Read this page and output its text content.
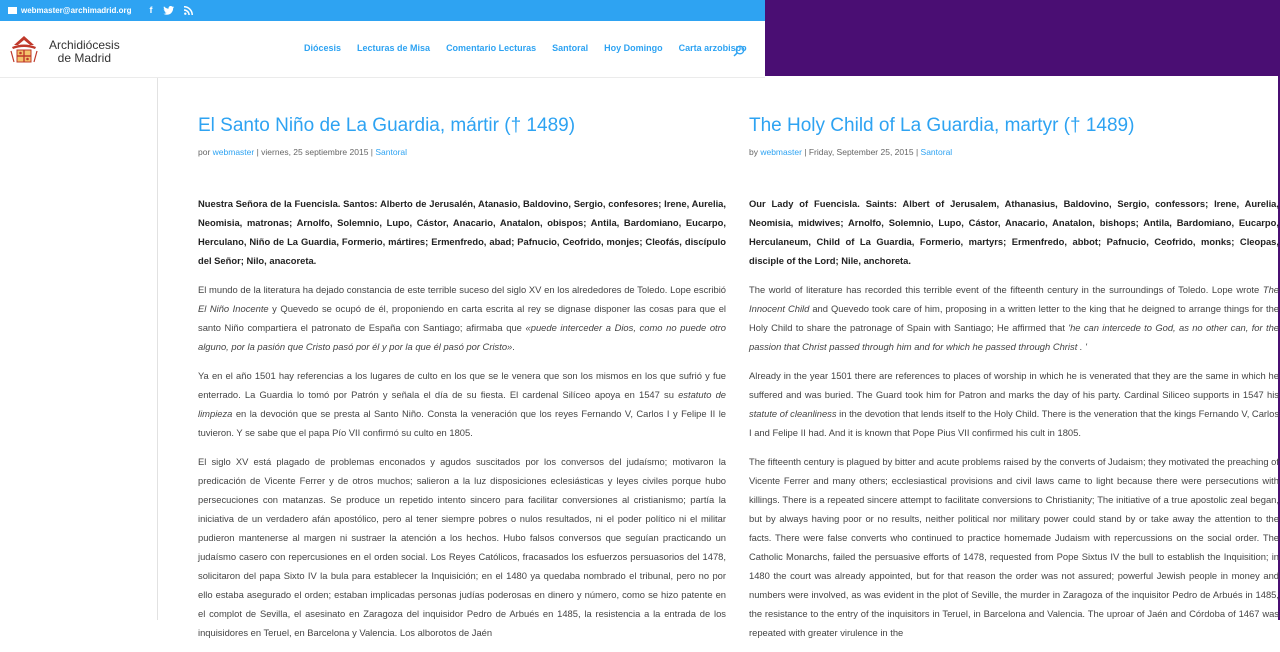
webmaster@archimadrid.org f
Archidiócesis
de Madrid
Diócesis Lecturas de Misa Comentario Lecturas Santoral Hoy Domingo Carta arzobispo
El Santo Niño de La Guardia, mártir († 1489)
por webmaster | viernes, 25 septiembre 2015 | Santoral

Nuestra Señora de la Fuencisla. Santos: Alberto de Jerusalén, Atanasio, Baldovino, Sergio, confesores; Irene, Aurelia, Neomisia, matronas; Arnolfo, Solemnio, Lupo, Cástor, Anacario, Anatalon, obispos; Antila, Bardomiano, Eucarpo, Herculano, Niño de La Guardia, Formerio, mártires; Ermenfredo, abad; Pafnucio, Ceofrido, monjes; Cleofás, discípulo del Señor; Nilo, anacoreta.

El mundo de la literatura ha dejado constancia de este terrible suceso del siglo XV en los alrededores de Toledo. Lope escribió El Niño Inocente y Quevedo se ocupó de él, proponiendo en carta escrita al rey se dignase disponer las cosas para que el santo Niño compartiera el patronato de España con Santiago; afirmaba que «puede interceder a Dios, como no puede otro alguno, por la pasión que Cristo pasó por él y por la que él pasó por Cristo».

Ya en el año 1501 hay referencias a los lugares de culto en los que se le venera que son los mismos en los que sufrió y fue enterrado. La Guardia lo tomó por Patrón y señala el día de su fiesta. El cardenal Silíceo apoya en 1547 su estatuto de limpieza en la devoción que se presta al Santo Niño. Consta la veneración que los reyes Fernando V, Carlos I y Felipe II le tuvieron. Y se sabe que el papa Pío VII confirmó su culto en 1805.

El siglo XV está plagado de problemas enconados y agudos suscitados por los conversos del judaísmo; motivaron la predicación de Vicente Ferrer y de otros muchos; salieron a la luz disposiciones eclesiásticas y leyes civiles porque hubo persecuciones con matanzas. Se produce un repetido intento sincero para facilitar conversiones al cristianismo; partía la iniciativa de un verdadero afán apostólico, pero al tener siempre pobres o nulos resultados, ni el poder político ni el militar pudieron mantenerse al margen ni sustraer la atención a los hechos. Hubo falsos conversos que seguían practicando un judaísmo casero con repercusiones en el orden social. Los Reyes Católicos, fracasados los esfuerzos persuasorios del 1478, solicitaron del papa Sixto IV la bula para establecer la Inquisición; en el 1480 ya quedaba nombrado el tribunal, pero no por ello estaba asegurado el orden; estaban implicadas personas judías poderosas en dinero y número, como se hizo patente en el complot de Sevilla, el asesinato en Zaragoza del inquisidor Pedro de Arbués en 1485, la resistencia a la entrada de los inquisidores en Teruel, en Barcelona y Valencia. Los alborotos de Jaén

The Holy Child of La Guardia, martyr († 1489)
by webmaster | Friday, September 25, 2015 | Santoral

Our Lady of Fuencisla. Saints: Albert of Jerusalem, Athanasius, Baldovino, Sergio, confessors; Irene, Aurelia, Neomisia, midwives; Arnolfo, Solemnio, Lupo, Cástor, Anacario, Anatalon, bishops; Antila, Bardomiano, Eucarpo, Herculaneum, Child of La Guardia, Formerio, martyrs; Ermenfredo, abbot; Pafnucio, Ceofrido, monks; Cleopas, disciple of the Lord; Nile, anchoreta.

The world of literature has recorded this terrible event of the fifteenth century in the surroundings of Toledo. Lope wrote The Innocent Child and Quevedo took care of him, proposing in a written letter to the king that he deigned to arrange things for the Holy Child to share the patronage of Spain with Santiago; He affirmed that 'he can intercede to God, as no other can, for the passion that Christ passed through him and for which he passed through Christ . '

Already in the year 1501 there are references to places of worship in which he is venerated that they are the same in which he suffered and was buried. The Guard took him for Patron and marks the day of his party. Cardinal Siliceo supports in 1547 his statute of cleanliness in the devotion that lends itself to the Holy Child. There is the veneration that the kings Fernando V, Carlos I and Felipe II had. And it is known that Pope Pius VII confirmed his cult in 1805.

The fifteenth century is plagued by bitter and acute problems raised by the converts of Judaism; they motivated the preaching of Vicente Ferrer and many others; ecclesiastical provisions and civil laws came to light because there were persecutions with killings. There is a repeated sincere attempt to facilitate conversions to Christianity; The initiative of a true apostolic zeal began, but by always having poor or no results, neither political nor military power could stand by or take away the attention to the facts. There were false converts who continued to practice homemade Judaism with repercussions on the social order. The Catholic Monarchs, failed the persuasive efforts of 1478, requested from Pope Sixtus IV the bull to establish the Inquisition; in 1480 the court was already appointed, but for that reason the order was not assured; powerful Jewish people in money and numbers were involved, as was evident in the plot of Seville, the murder in Zaragoza of the inquisitor Pedro de Arbués in 1485, the resistance to the entry of the inquisitors in Teruel, in Barcelona and Valencia. The uproar of Jaén and Córdoba of 1467 was repeated with greater virulence in the
